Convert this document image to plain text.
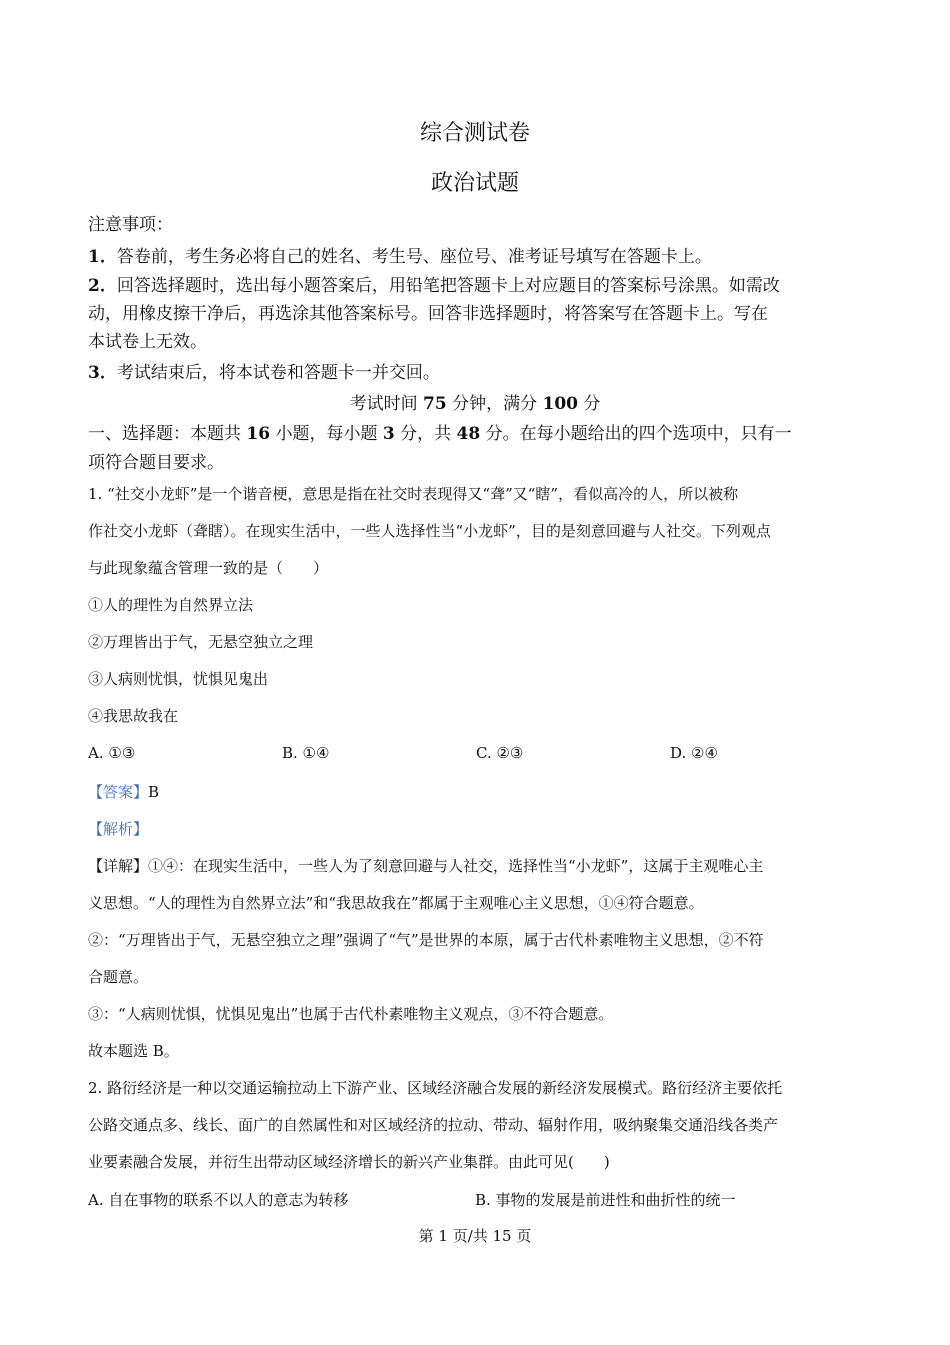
综合测试卷
政治试题
注意事项：
1．答卷前，考生务必将自己的姓名、考生号、座位号、准考证号填写在答题卡上。
2．回答选择题时，选出每小题答案后，用铅笔把答题卡上对应题目的答案标号涂黑。如需改
动，用橡皮擦干净后，再选涂其他答案标号。回答非选择题时，将答案写在答题卡上。写在
本试卷上无效。
3．考试结束后，将本试卷和答题卡一并交回。
考试时间 75 分钟，满分 100 分
一、选择题：本题共 16 小题，每小题 3 分，共 48 分。在每小题给出的四个选项中，只有一
项符合题目要求。
1. “社交小龙虾”是一个谐音梗，意思是指在社交时表现得又“聋”又“瞎”，看似高冷的人，所以被称
作社交小龙虾（聋瞎）。在现实生活中，一些人选择性当“小龙虾”，目的是刻意回避与人社交。下列观点
与此现象蕴含管理一致的是（　　）
①人的理性为自然界立法
②万理皆出于气，无悬空独立之理
③人病则忧惧，忧惧见鬼出
④我思故我在
A. ①③	B. ①④	C. ②③	D. ②④
【答案】B
【解析】
【详解】①④：在现实生活中，一些人为了刻意回避与人社交，选择性当“小龙虾”，这属于主观唯心主
义思想。“人的理性为自然界立法”和“我思故我在”都属于主观唯心主义思想，①④符合题意。
②：“万理皆出于气，无悬空独立之理”强调了“气”是世界的本原，属于古代朴素唯物主义思想，②不符
合题意。
③：“人病则忧惧，忧惧见鬼出”也属于古代朴素唯物主义观点，③不符合题意。
故本题选 B。
2. 路衍经济是一种以交通运输拉动上下游产业、区域经济融合发展的新经济发展模式。路衍经济主要依托
公路交通点多、线长、面广的自然属性和对区域经济的拉动、带动、辐射作用，吸纳聚集交通沿线各类产
业要素融合发展，并衍生出带动区域经济增长的新兴产业集群。由此可见(　　)
A. 自在事物的联系不以人的意志为转移	B. 事物的发展是前进性和曲折性的统一
第 1 页/共 15 页
